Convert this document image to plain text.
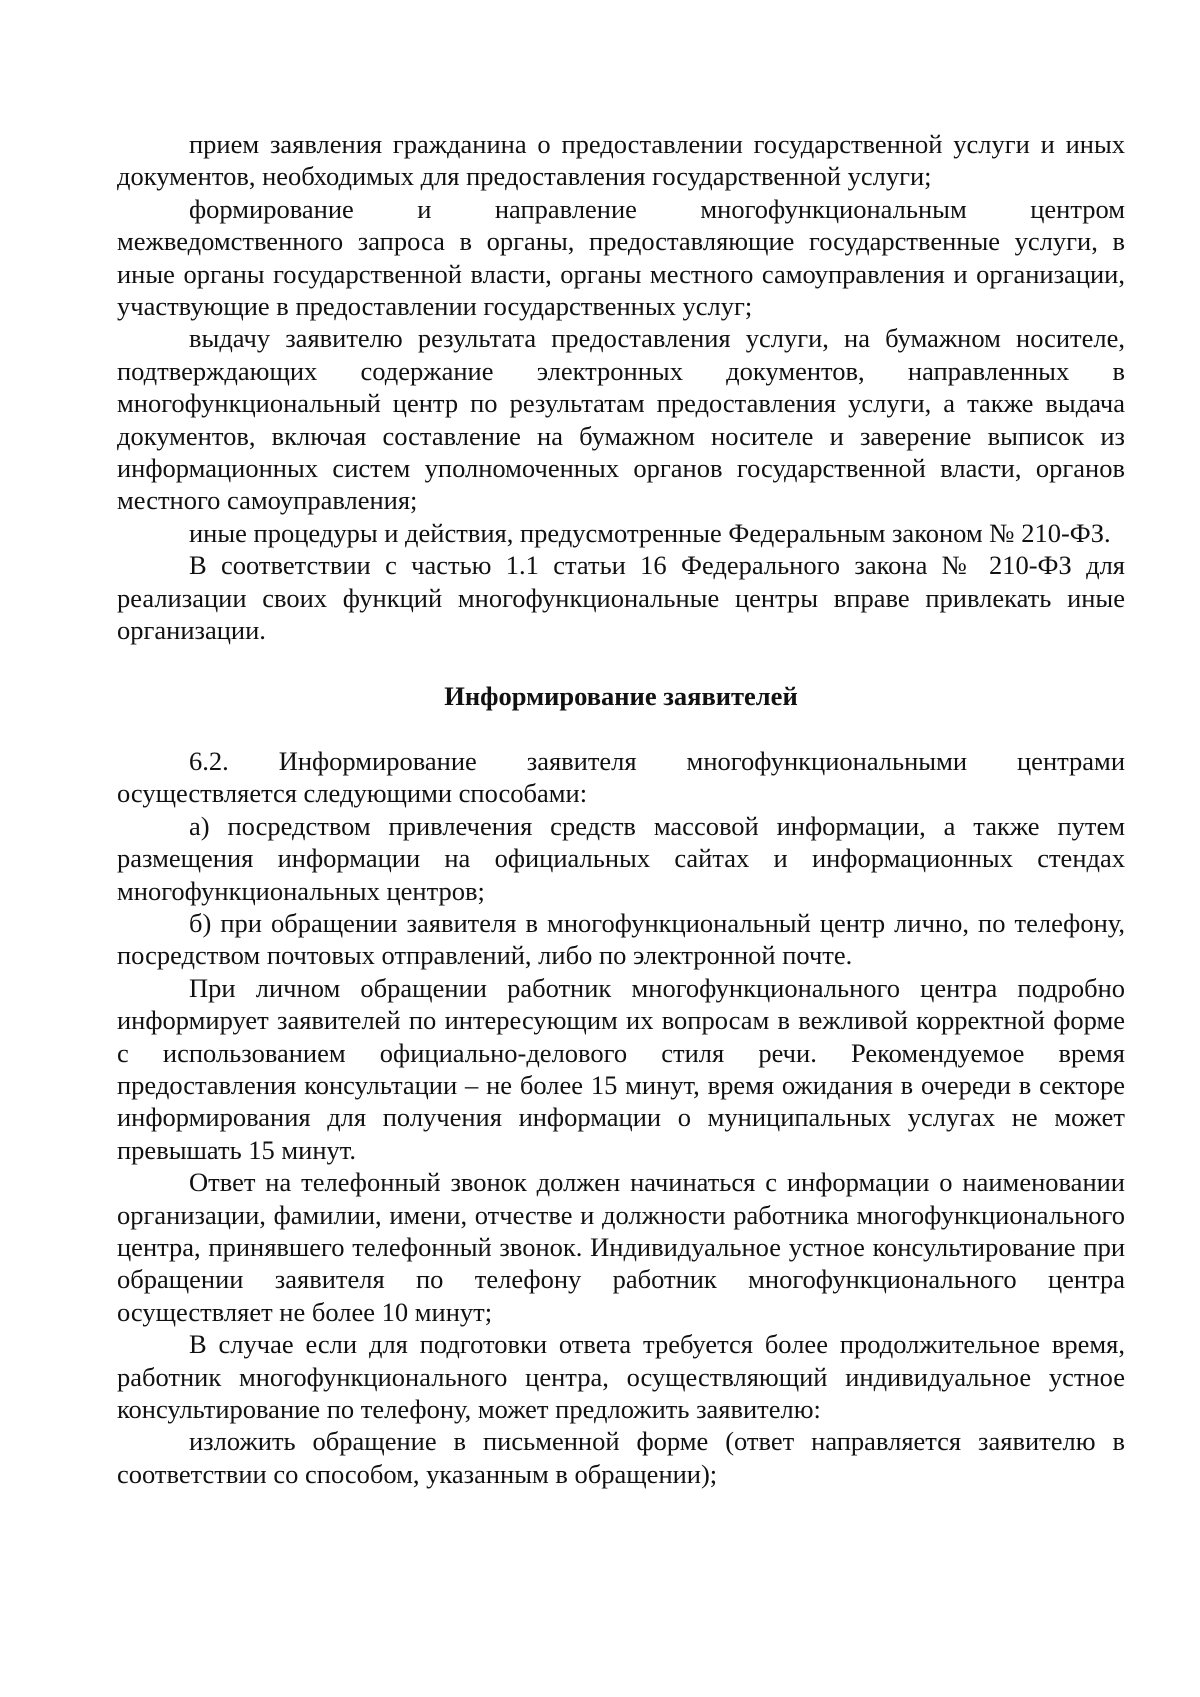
прием заявления гражданина о предоставлении государственной услуги и иных документов, необходимых для предоставления государственной услуги;

формирование и направление многофункциональным центром межведомственного запроса в органы, предоставляющие государственные услуги, в иные органы государственной власти, органы местного самоуправления и организации, участвующие в предоставлении государственных услуг;

выдачу заявителю результата предоставления услуги, на бумажном носителе, подтверждающих содержание электронных документов, направленных в многофункциональный центр по результатам предоставления услуги, а также выдача документов, включая составление на бумажном носителе и заверение выписок из информационных систем уполномоченных органов государственной власти, органов местного самоуправления;

иные процедуры и действия, предусмотренные Федеральным законом № 210-ФЗ.

В соответствии с частью 1.1 статьи 16 Федерального закона № 210-ФЗ для реализации своих функций многофункциональные центры вправе привлекать иные организации.

Информирование заявителей

6.2. Информирование заявителя многофункциональными центрами осуществляется следующими способами:

а) посредством привлечения средств массовой информации, а также путем размещения информации на официальных сайтах и информационных стендах многофункциональных центров;

б) при обращении заявителя в многофункциональный центр лично, по телефону, посредством почтовых отправлений, либо по электронной почте.

При личном обращении работник многофункционального центра подробно информирует заявителей по интересующим их вопросам в вежливой корректной форме с использованием официально-делового стиля речи. Рекомендуемое время предоставления консультации – не более 15 минут, время ожидания в очереди в секторе информирования для получения информации о муниципальных услугах не может превышать 15 минут.

Ответ на телефонный звонок должен начинаться с информации о наименовании организации, фамилии, имени, отчестве и должности работника многофункционального центра, принявшего телефонный звонок. Индивидуальное устное консультирование при обращении заявителя по телефону работник многофункционального центра осуществляет не более 10 минут;

В случае если для подготовки ответа требуется более продолжительное время, работник многофункционального центра, осуществляющий индивидуальное устное консультирование по телефону, может предложить заявителю:

изложить обращение в письменной форме (ответ направляется заявителю в соответствии со способом, указанным в обращении);
